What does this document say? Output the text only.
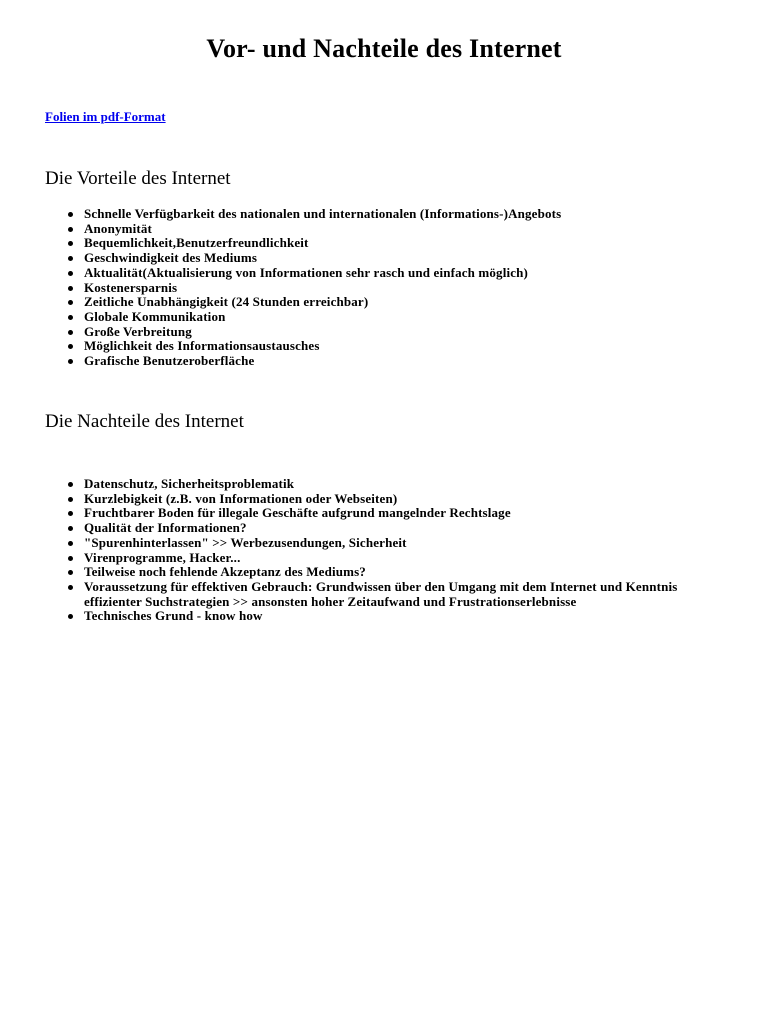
Vor- und Nachteile des Internet
Folien im pdf-Format
Die Vorteile des Internet
Schnelle Verfügbarkeit des nationalen und internationalen (Informations-)Angebots
Anonymität
Bequemlichkeit,Benutzerfreundlichkeit
Geschwindigkeit des Mediums
Aktualität(Aktualisierung von Informationen sehr rasch und einfach möglich)
Kostenersparnis
Zeitliche Unabhängigkeit (24 Stunden erreichbar)
Globale Kommunikation
Große Verbreitung
Möglichkeit des Informationsaustausches
Grafische Benutzeroberfläche
Die Nachteile des Internet
Datenschutz, Sicherheitsproblematik
Kurzlebigkeit (z.B. von Informationen oder Webseiten)
Fruchtbarer Boden für illegale Geschäfte aufgrund mangelnder Rechtslage
Qualität der Informationen?
"Spurenhinterlassen" >> Werbezusendungen, Sicherheit
Virenprogramme, Hacker...
Teilweise noch fehlende Akzeptanz des Mediums?
Voraussetzung für effektiven Gebrauch: Grundwissen über den Umgang mit dem Internet und Kenntnis effizienter Suchstrategien >> ansonsten hoher Zeitaufwand und Frustrationserlebnisse
Technisches Grund - know how
